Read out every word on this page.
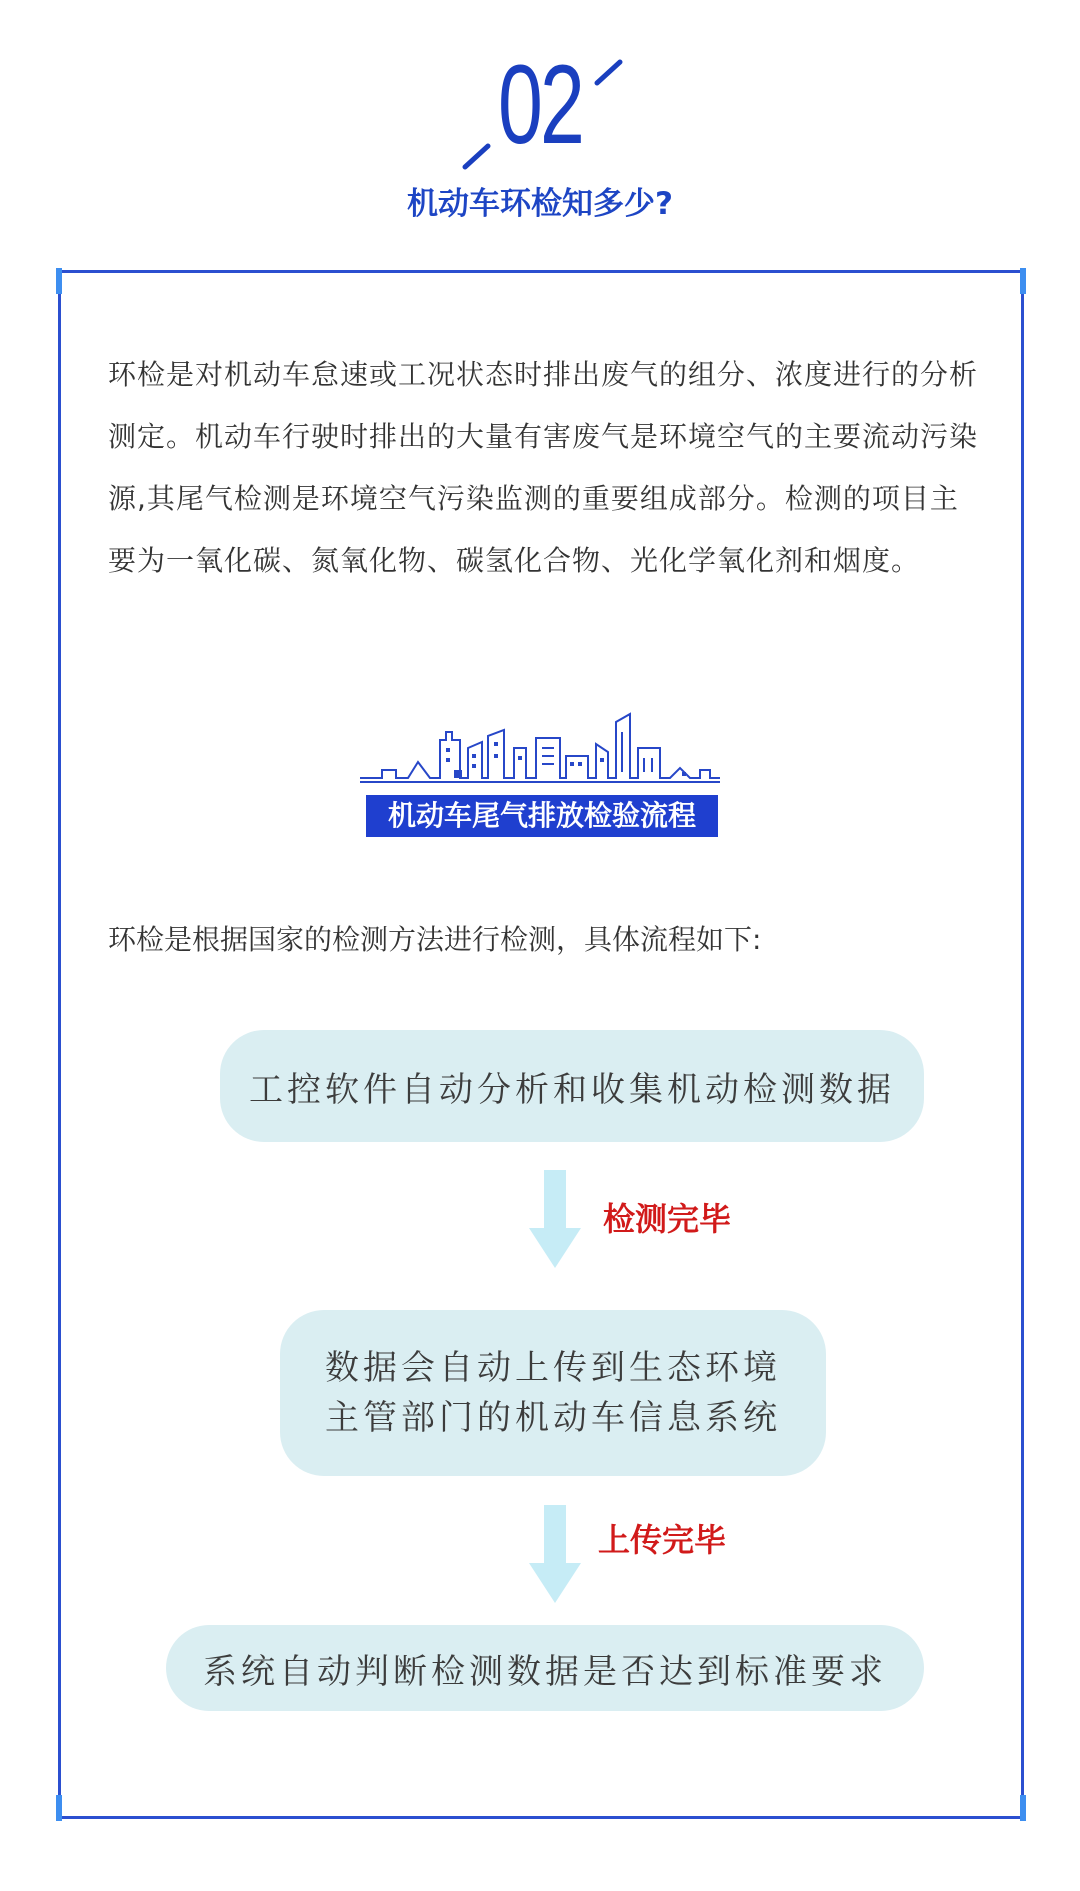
02
机动车环检知多少?

环检是对机动车怠速或工况状态时排出废气的组分、浓度进行的分析测定。机动车行驶时排出的大量有害废气是环境空气的主要流动污染源,其尾气检测是环境空气污染监测的重要组成部分。检测的项目主要为一氧化碳、氮氧化物、碳氢化合物、光化学氧化剂和烟度。

机动车尾气排放检验流程
环检是根据国家的检测方法进行检测，具体流程如下:
工控软件自动分析和收集机动检测数据
检测完毕
数据会自动上传到生态环境
主管部门的机动车信息系统
上传完毕
系统自动判断检测数据是否达到标准要求
